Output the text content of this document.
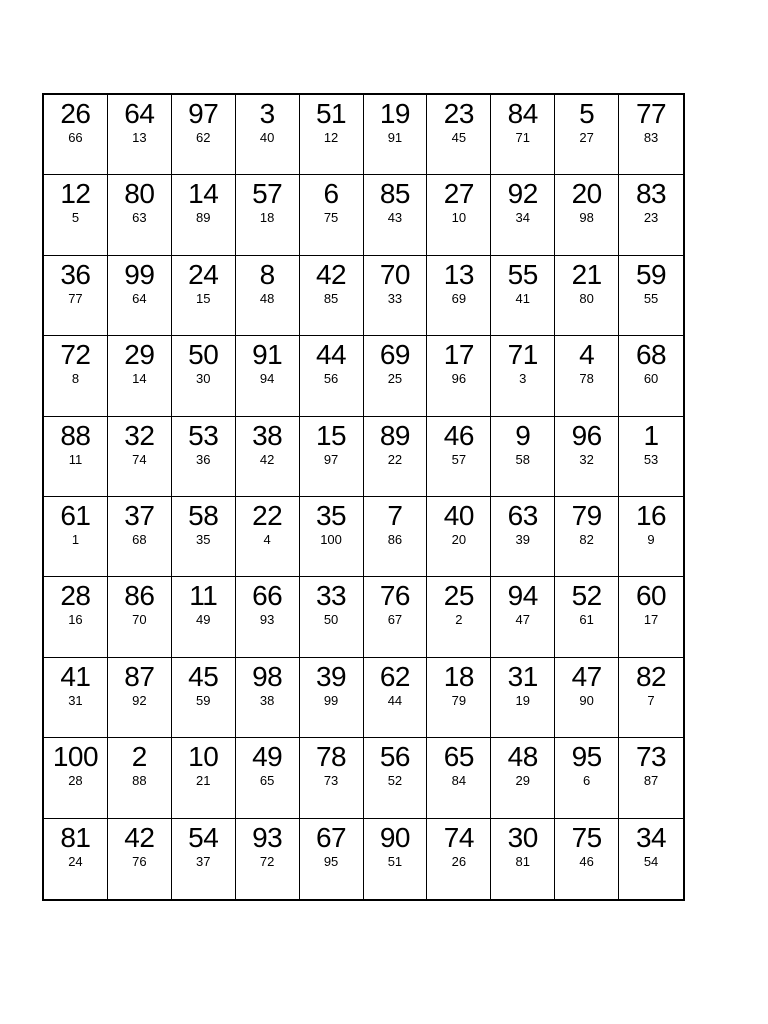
26
66
64
13
97
62
3
40
51
12
19
91
23
45
84
71
5
27
77
83
12
5
80
63
14
89
57
18
6
75
85
43
27
10
92
34
20
98
83
23
36
77
99
64
24
15
8
48
42
85
70
33
13
69
55
41
21
80
59
55
72
8
29
14
50
30
91
94
44
56
69
25
17
96
71
3
4
78
68
60
88
11
32
74
53
36
38
42
15
97
89
22
46
57
9
58
96
32
1
53
61
1
37
68
58
35
22
4
35
100
7
86
40
20
63
39
79
82
16
9
28
16
86
70
11
49
66
93
33
50
76
67
25
2
94
47
52
61
60
17
41
31
87
92
45
59
98
38
39
99
62
44
18
79
31
19
47
90
82
7
100
28
2
88
10
21
49
65
78
73
56
52
65
84
48
29
95
6
73
87
81
24
42
76
54
37
93
72
67
95
90
51
74
26
30
81
75
46
34
54
